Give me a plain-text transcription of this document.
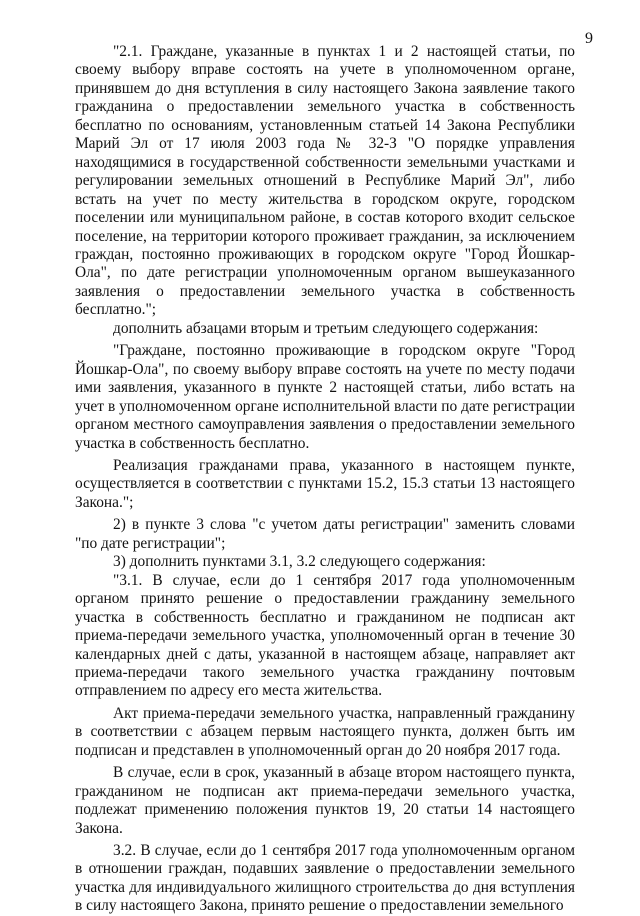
9

"2.1. Граждане, указанные в пунктах 1 и 2 настоящей статьи, по своему выбору вправе состоять на учете в уполномоченном органе, принявшем до дня вступления в силу настоящего Закона заявление такого гражданина о предоставлении земельного участка в собственность бесплатно по основаниям, установленным статьей 14 Закона Республики Марий Эл от 17 июля 2003 года № 32-З "О порядке управления находящимися в государственной собственности земельными участками и регулировании земельных отношений в Республике Марий Эл", либо встать на учет по месту жительства в городском округе, городском поселении или муниципальном районе, в состав которого входит сельское поселение, на территории которого проживает гражданин, за исключением граждан, постоянно проживающих в городском округе "Город Йошкар-Ола", по дате регистрации уполномоченным органом вышеуказанного заявления о предоставлении земельного участка в собственность бесплатно.";

дополнить абзацами вторым и третьим следующего содержания:

"Граждане, постоянно проживающие в городском округе "Город Йошкар-Ола", по своему выбору вправе состоять на учете по месту подачи ими заявления, указанного в пункте 2 настоящей статьи, либо встать на учет в уполномоченном органе исполнительной власти по дате регистрации органом местного самоуправления заявления о предоставлении земельного участка в собственность бесплатно.

Реализация гражданами права, указанного в настоящем пункте, осуществляется в соответствии с пунктами 15.2, 15.3 статьи 13 настоящего Закона.";

2) в пункте 3 слова "с учетом даты регистрации" заменить словами "по дате регистрации";

3) дополнить пунктами 3.1, 3.2 следующего содержания:

"3.1. В случае, если до 1 сентября 2017 года уполномоченным органом принято решение о предоставлении гражданину земельного участка в собственность бесплатно и гражданином не подписан акт приема-передачи земельного участка, уполномоченный орган в течение 30 календарных дней с даты, указанной в настоящем абзаце, направляет акт приема-передачи такого земельного участка гражданину почтовым отправлением по адресу его места жительства.

Акт приема-передачи земельного участка, направленный гражданину в соответствии с абзацем первым настоящего пункта, должен быть им подписан и представлен в уполномоченный орган до 20 ноября 2017 года.

В случае, если в срок, указанный в абзаце втором настоящего пункта, гражданином не подписан акт приема-передачи земельного участка, подлежат применению положения пунктов 19, 20 статьи 14 настоящего Закона.

3.2. В случае, если до 1 сентября 2017 года уполномоченным органом в отношении граждан, подавших заявление о предоставлении земельного участка для индивидуального жилищного строительства до дня вступления в силу настоящего Закона, принято решение о предоставлении земельного
